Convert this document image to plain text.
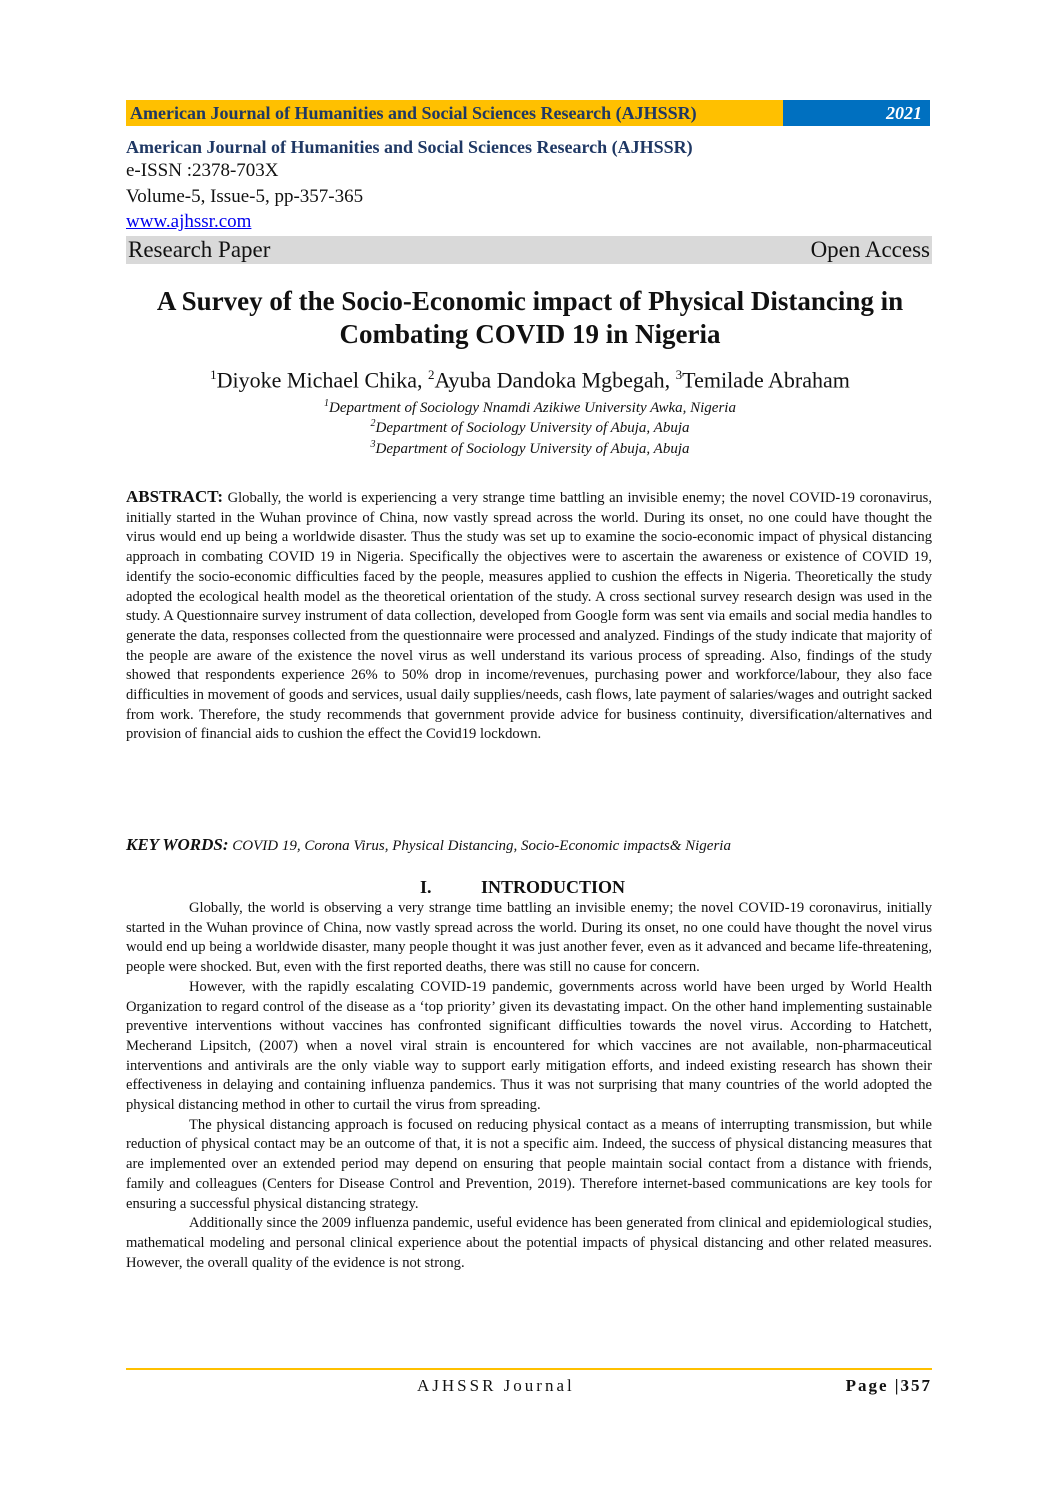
American Journal of Humanities and Social Sciences Research (AJHSSR)	2021
American Journal of Humanities and Social Sciences Research (AJHSSR)
e-ISSN :2378-703X
Volume-5, Issue-5, pp-357-365
www.ajhssr.com
Research Paper	Open Access
A Survey of the Socio-Economic impact of Physical Distancing in
Combating COVID 19 in Nigeria
$^1$Diyoke Michael Chika, $^2$Ayuba Dandoka Mgbegah, $^3$Temilade Abraham
$^1$Department of Sociology Nnamdi Azikiwe University Awka, Nigeria
$^2$Department of Sociology University of Abuja, Abuja
$^3$Department of Sociology University of Abuja, Abuja
ABSTRACT: Globally, the world is experiencing a very strange time battling an invisible enemy; the novel COVID-19 coronavirus, initially started in the Wuhan province of China, now vastly spread across the world. During its onset, no one could have thought the virus would end up being a worldwide disaster. Thus the study was set up to examine the socio-economic impact of physical distancing approach in combating COVID 19 in Nigeria. Specifically the objectives were to ascertain the awareness or existence of COVID 19, identify the socio-economic difficulties faced by the people, measures applied to cushion the effects in Nigeria. Theoretically the study adopted the ecological health model as the theoretical orientation of the study. A cross sectional survey research design was used in the study. A Questionnaire survey instrument of data collection, developed from Google form was sent via emails and social media handles to generate the data, responses collected from the questionnaire were processed and analyzed. Findings of the study indicate that majority of the people are aware of the existence the novel virus as well understand its various process of spreading. Also, findings of the study showed that respondents experience 26% to 50% drop in income/revenues, purchasing power and workforce/labour, they also face difficulties in movement of goods and services, usual daily supplies/needs, cash flows, late payment of salaries/wages and outright sacked from work. Therefore, the study recommends that government provide advice for business continuity, diversification/alternatives and provision of financial aids to cushion the effect the Covid19 lockdown.
KEY WORDS: COVID 19, Corona Virus, Physical Distancing, Socio-Economic impacts& Nigeria
I.	INTRODUCTION

Globally, the world is observing a very strange time battling an invisible enemy; the novel COVID-19 coronavirus, initially started in the Wuhan province of China, now vastly spread across the world. During its onset, no one could have thought the novel virus would end up being a worldwide disaster, many people thought it was just another fever, even as it advanced and became life-threatening, people were shocked. But, even with the first reported deaths, there was still no cause for concern.

However, with the rapidly escalating COVID-19 pandemic, governments across world have been urged by World Health Organization to regard control of the disease as a ‘top priority’ given its devastating impact. On the other hand implementing sustainable preventive interventions without vaccines has confronted significant difficulties towards the novel virus. According to Hatchett, Mecherand Lipsitch, (2007) when a novel viral strain is encountered for which vaccines are not available, non-pharmaceutical interventions and antivirals are the only viable way to support early mitigation efforts, and indeed existing research has shown their effectiveness in delaying and containing influenza pandemics. Thus it was not surprising that many countries of the world adopted the physical distancing method in other to curtail the virus from spreading.

The physical distancing approach is focused on reducing physical contact as a means of interrupting transmission, but while reduction of physical contact may be an outcome of that, it is not a specific aim. Indeed, the success of physical distancing measures that are implemented over an extended period may depend on ensuring that people maintain social contact from a distance with friends, family and colleagues (Centers for Disease Control and Prevention, 2019). Therefore internet-based communications are key tools for ensuring a successful physical distancing strategy.

Additionally since the 2009 influenza pandemic, useful evidence has been generated from clinical and epidemiological studies, mathematical modeling and personal clinical experience about the potential impacts of physical distancing and other related measures. However, the overall quality of the evidence is not strong.

AJHSSR Journal	Page |357
